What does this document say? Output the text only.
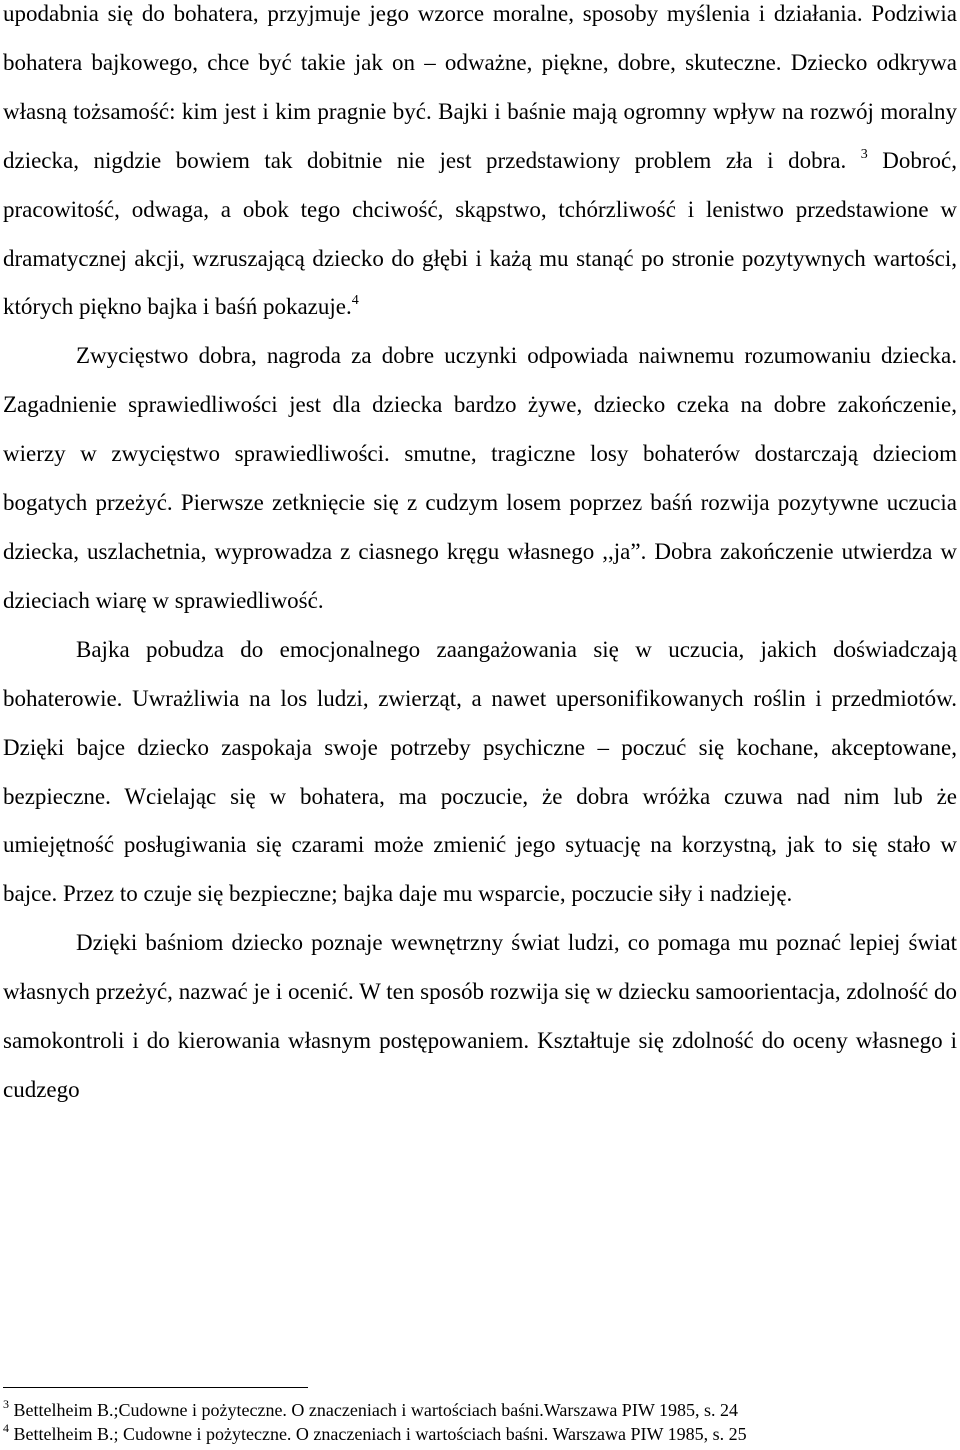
upodabnia się do bohatera, przyjmuje jego wzorce moralne, sposoby myślenia i działania. Podziwia bohatera bajkowego, chce być takie jak on – odważne, piękne, dobre, skuteczne. Dziecko odkrywa własną tożsamość: kim jest i kim pragnie być. Bajki i baśnie mają ogromny wpływ na rozwój moralny dziecka, nigdzie bowiem tak dobitnie nie jest przedstawiony problem zła i dobra. $^3$ Dobroć, pracowitość, odwaga, a obok tego chciwość, skąpstwo, tchórzliwość i lenistwo przedstawione w dramatycznej akcji, wzruszającą dziecko do głębi i każą mu stanąć po stronie pozytywnych wartości, których piękno bajka i baśń pokazuje.$^4$

Zwycięstwo dobra, nagroda za dobre uczynki odpowiada naiwnemu rozumowaniu dziecka. Zagadnienie sprawiedliwości jest dla dziecka bardzo żywe, dziecko czeka na dobre zakończenie, wierzy w zwycięstwo sprawiedliwości. smutne, tragiczne losy bohaterów dostarczają dzieciom bogatych przeżyć. Pierwsze zetknięcie się z cudzym losem poprzez baśń rozwija pozytywne uczucia dziecka, uszlachetnia, wyprowadza z ciasnego kręgu własnego ,,ja”. Dobra zakończenie utwierdza w dzieciach wiarę w sprawiedliwość.

Bajka pobudza do emocjonalnego zaangażowania się w uczucia, jakich doświadczają bohaterowie. Uwrażliwia na los ludzi, zwierząt, a nawet upersonifikowanych roślin i przedmiotów. Dzięki bajce dziecko zaspokaja swoje potrzeby psychiczne – poczuć się kochane, akceptowane, bezpieczne. Wcielając się w bohatera, ma poczucie, że dobra wróżka czuwa nad nim lub że umiejętność posługiwania się czarami może zmienić jego sytuację na korzystną, jak to się stało w bajce. Przez to czuje się bezpieczne; bajka daje mu wsparcie, poczucie siły i nadzieję.

Dzięki baśniom dziecko poznaje wewnętrzny świat ludzi, co pomaga mu poznać lepiej świat własnych przeżyć, nazwać je i ocenić. W ten sposób rozwija się w dziecku samoorientacja, zdolność do samokontroli i do kierowania własnym postępowaniem. Kształtuje się zdolność do oceny własnego i cudzego

$^3$ Bettelheim B.;Cudowne i pożyteczne. O znaczeniach i wartościach baśni.Warszawa PIW 1985, s. 24

$^4$ Bettelheim B.; Cudowne i pożyteczne. O znaczeniach i wartościach baśni. Warszawa PIW 1985, s. 25
